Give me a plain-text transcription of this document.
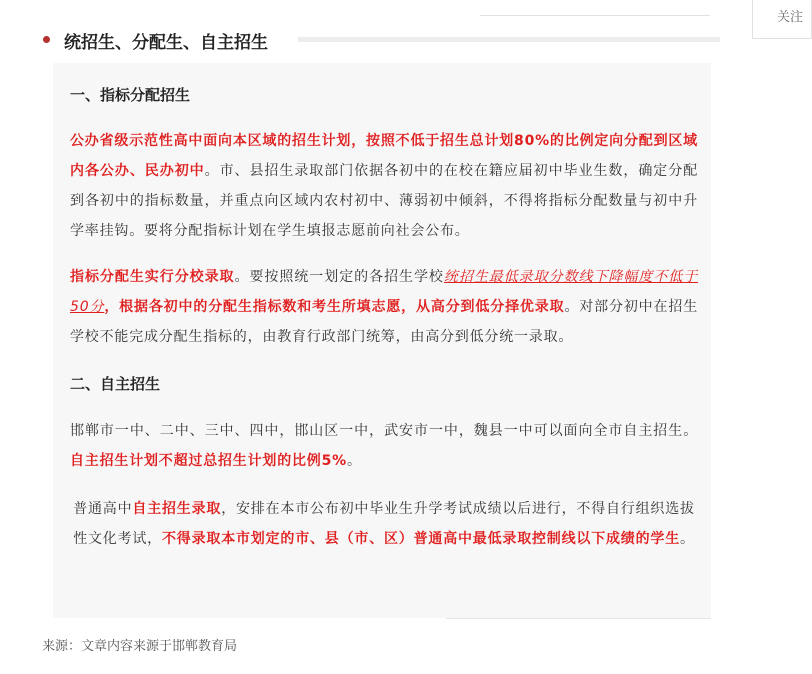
关注
统招生、分配生、自主招生
一、指标分配招生
公办省级示范性高中面向本区域的招生计划，按照不低于招生总计划80%的比例定向分配到区域内各公办、民办初中。市、县招生录取部门依据各初中的在校在籍应届初中毕业生数，确定分配到各初中的指标数量，并重点向区域内农村初中、薄弱初中倾斜，不得将指标分配数量与初中升学率挂钩。要将分配指标计划在学生填报志愿前向社会公布。
指标分配生实行分校录取。要按照统一划定的各招生学校统招生最低录取分数线下降幅度不低于50分，根据各初中的分配生指标数和考生所填志愿，从高分到低分择优录取。对部分初中在招生学校不能完成分配生指标的，由教育行政部门统筹，由高分到低分统一录取。
二、自主招生
邯郸市一中、二中、三中、四中，邯山区一中，武安市一中，魏县一中可以面向全市自主招生。自主招生计划不超过总招生计划的比例5%。
普通高中自主招生录取，安排在本市公布初中毕业生升学考试成绩以后进行，不得自行组织选拔性文化考试，不得录取本市划定的市、县（市、区）普通高中最低录取控制线以下成绩的学生。
来源：文章内容来源于邯郸教育局
